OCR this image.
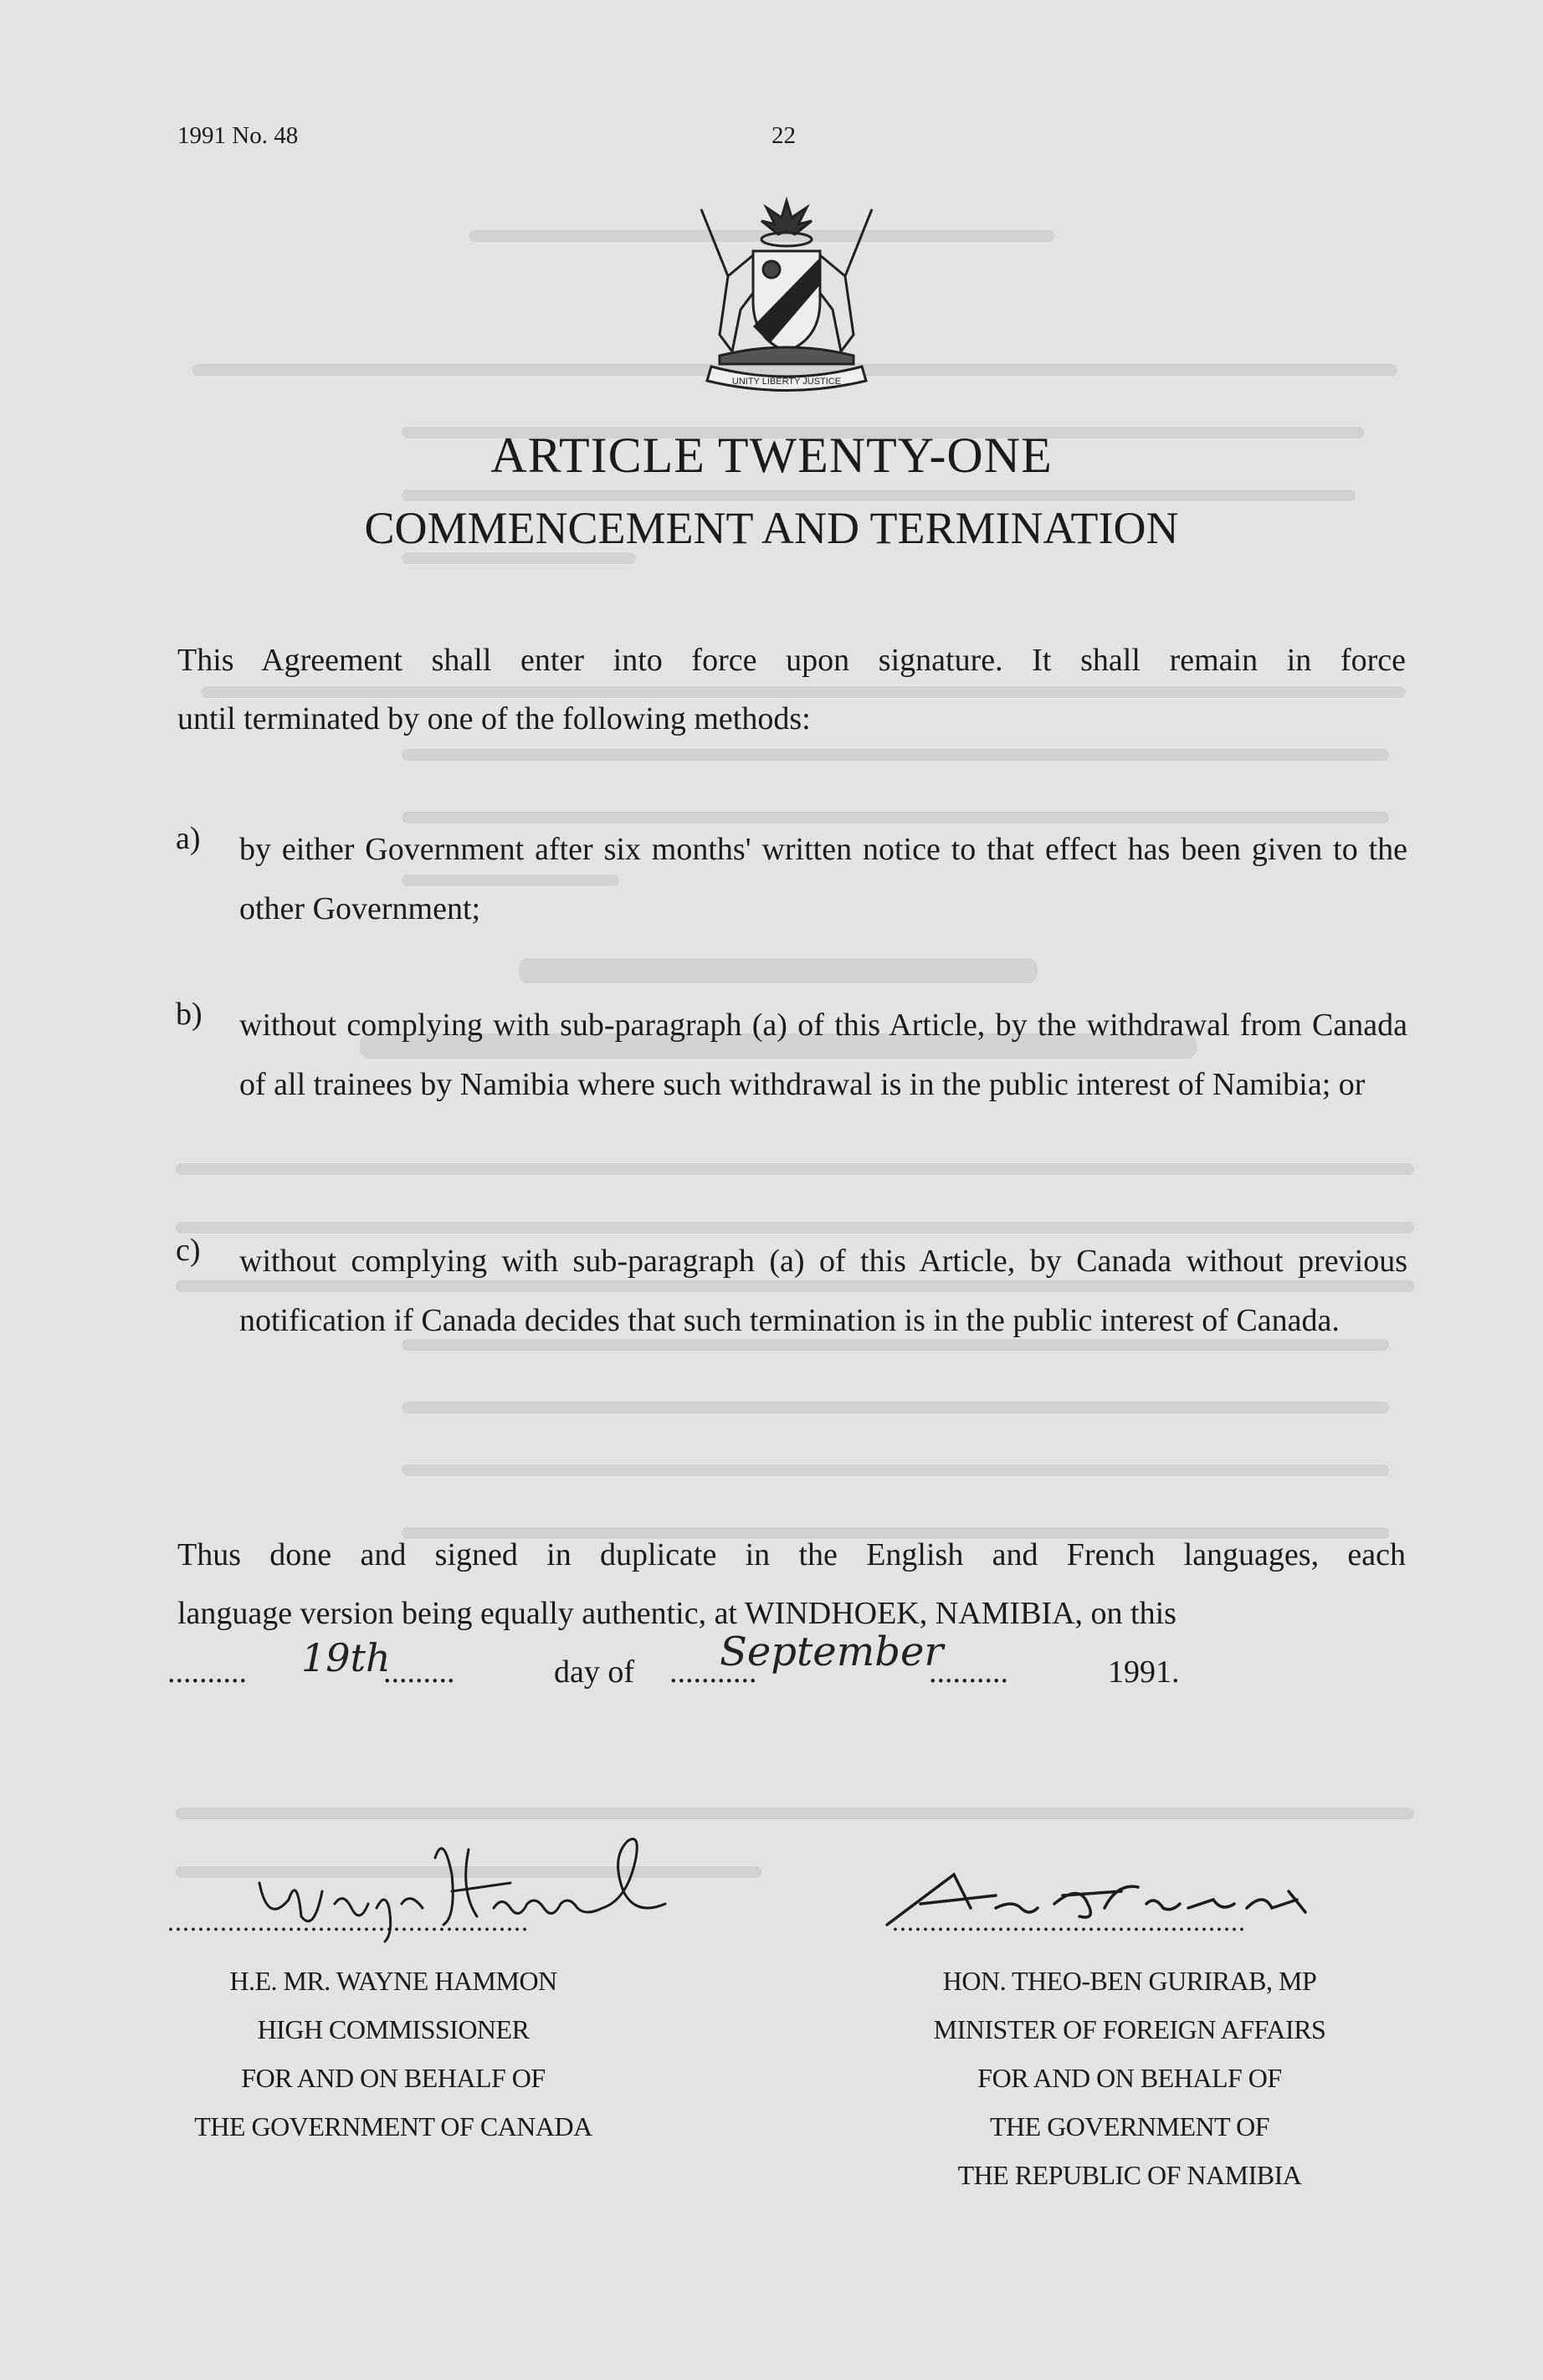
1991 No. 48	22
UNITY LIBERTY JUSTICE
ARTICLE TWENTY-ONE
COMMENCEMENT AND TERMINATION
This Agreement shall enter into force upon signature. It shall remain in force
until terminated by one of the following methods:
a) by either Government after six months' written notice to that effect has been given to the other Government;
b) without complying with sub-paragraph (a) of this Article, by the withdrawal from Canada of all trainees by Namibia where such withdrawal is in the public interest of Namibia; or
c) without complying with sub-paragraph (a) of this Article, by Canada without previous notification if Canada decides that such termination is in the public interest of Canada.
Thus done and signed in duplicate in the English and French languages, each
language version being equally authentic, at WINDHOEK, NAMIBIA, on this
.......... 19th
.........	day of ...........
September
..........	1991.
................................................
H.E. MR. WAYNE HAMMON
HIGH COMMISSIONER
FOR AND ON BEHALF OF
THE GOVERNMENT OF CANADA
...............................................
HON. THEO-BEN GURIRAB, MP
MINISTER OF FOREIGN AFFAIRS
FOR AND ON BEHALF OF
THE GOVERNMENT OF
THE REPUBLIC OF NAMIBIA
